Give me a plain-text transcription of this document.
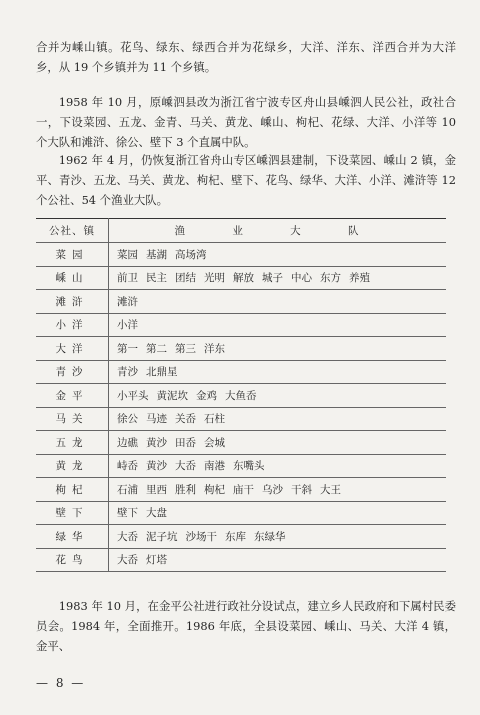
合并为嵊山镇。花鸟、绿东、绿西合并为花绿乡，大洋、洋东、洋西合并为大洋乡，从 19 个乡镇并为 11 个乡镇。

1958 年 10 月，原嵊泗县改为浙江省宁波专区舟山县嵊泗人民公社，政社合一，下设菜园、五龙、金青、马关、黄龙、嵊山、枸杞、花绿、大洋、小洋等 10 个大队和滩浒、徐公、壁下 3 个直属中队。

1962 年 4 月，仍恢复浙江省舟山专区嵊泗县建制，下设菜园、嵊山 2 镇，金平、青沙、五龙、马关、黄龙、枸杞、壁下、花鸟、绿华、大洋、小洋、滩浒等 12 个公社、54 个渔业大队。

公社、镇	渔 业 大 队
菜园	菜园 基湖 高场湾
嵊山	前卫 民主 团结 光明 解放 城子 中心 东方 养殖
滩浒	滩浒
小洋	小洋
大洋	第一 第二 第三 洋东
青沙	青沙 北鼎星
金平	小平头 黄泥坎 金鸡 大鱼岙
马关	徐公 马迹 关岙 石柱
五龙	边礁 黄沙 田岙 会城
黄龙	峙岙 黄沙 大岙 南港 东嘴头
枸杞	石浦 里西 胜利 枸杞 庙干 乌沙 干斜 大王
壁下	壁下 大盘
绿华	大岙 泥子坑 沙场干 东库 东绿华
花鸟	大岙 灯塔

1983 年 10 月，在金平公社进行政社分设试点，建立乡人民政府和下属村民委员会。1984 年，全面推开。1986 年底，全县设菜园、嵊山、马关、大洋 4 镇，金平、

— 8 —
